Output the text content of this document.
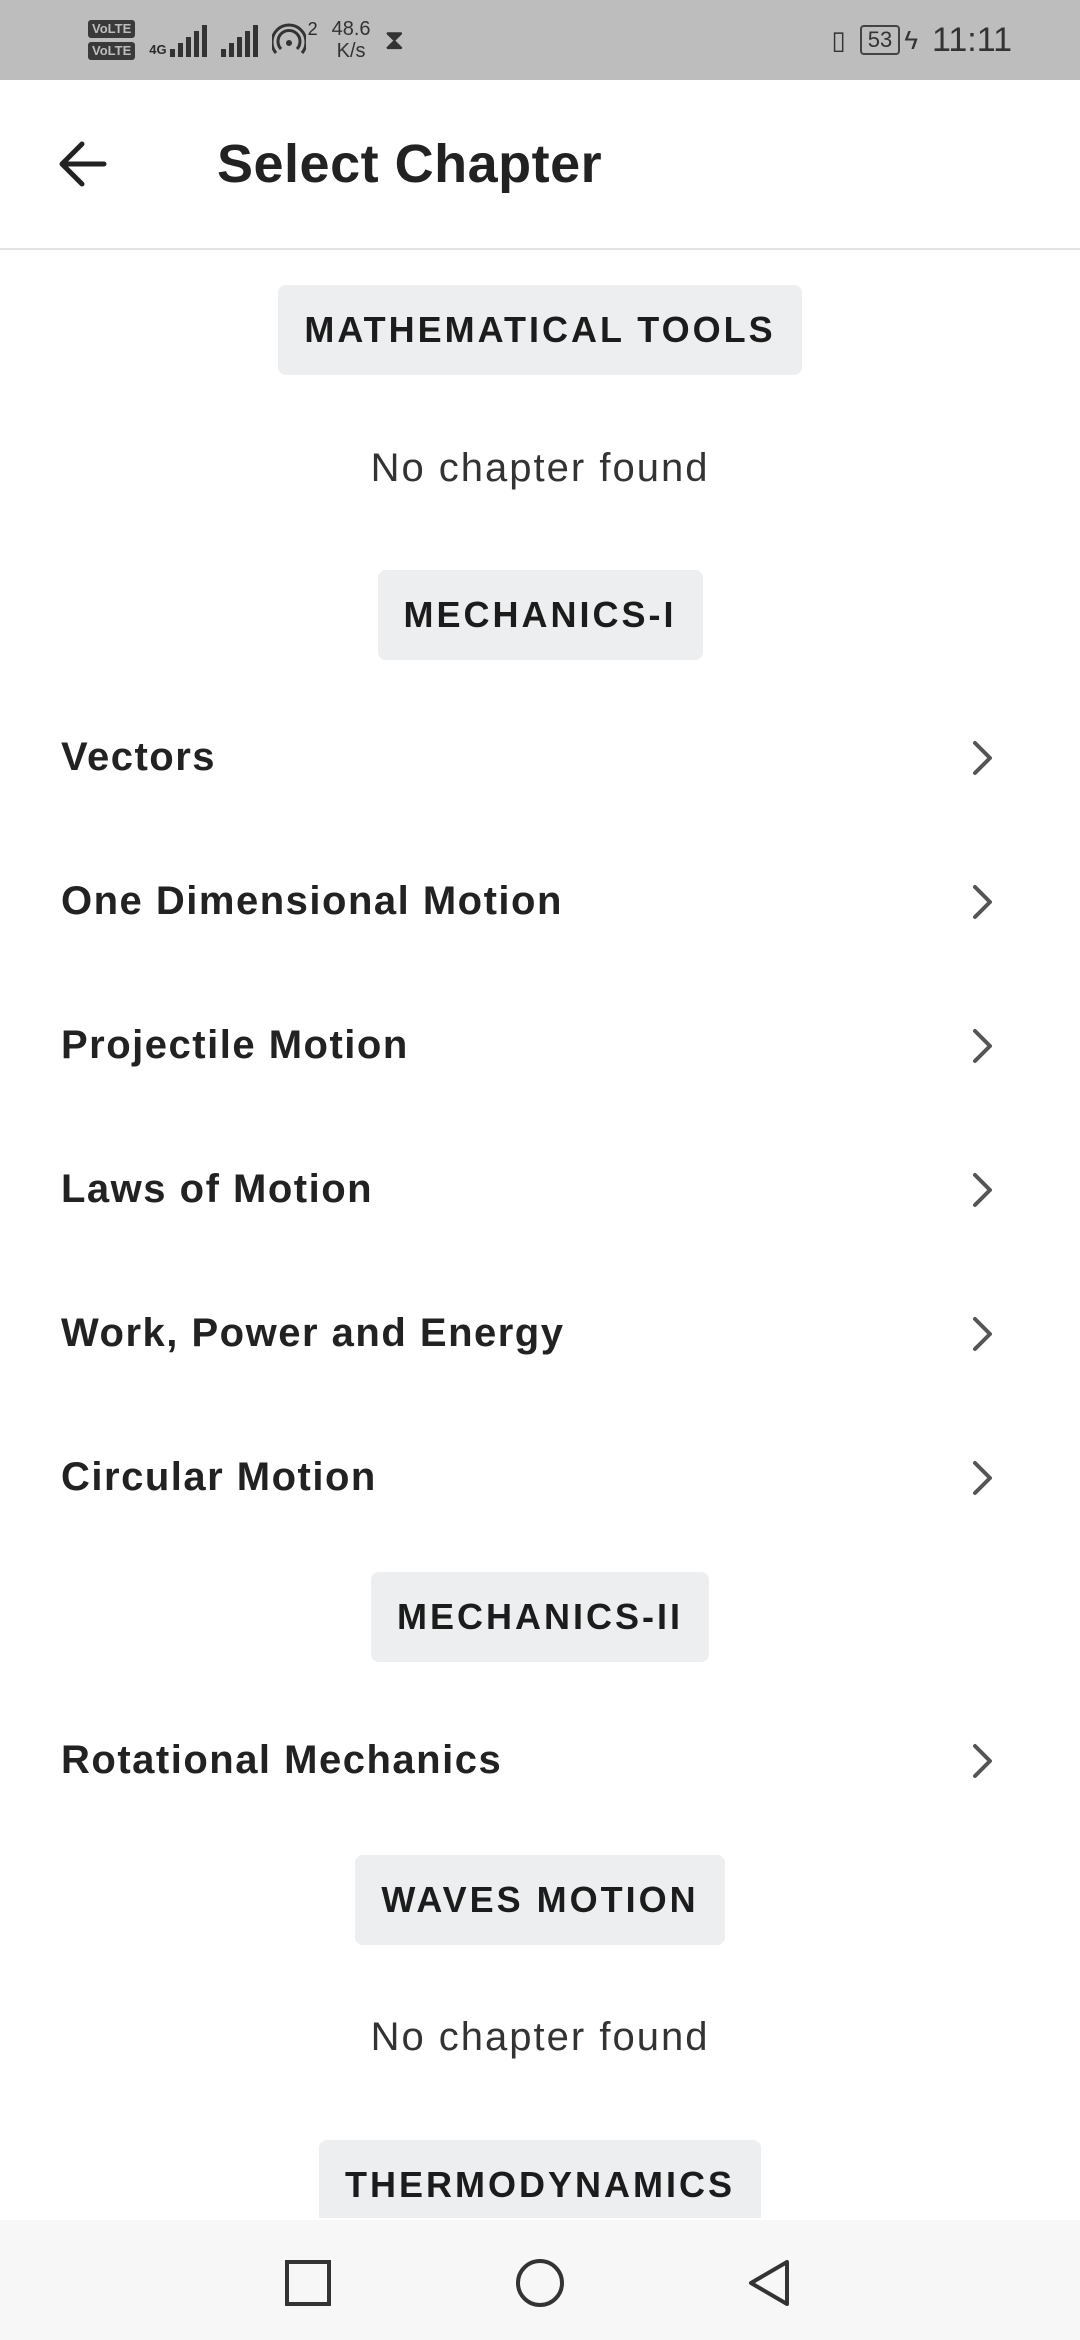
VoLTE
VoLTE	4G
2 48.6
K/s ⧗	▯	53 ϟ 11:11
Select Chapter
MATHEMATICAL TOOLS
No chapter found
MECHANICS-I
Vectors
One Dimensional Motion
Projectile Motion
Laws of Motion
Work, Power and Energy
Circular Motion
MECHANICS-II
Rotational Mechanics
WAVES MOTION
No chapter found
THERMODYNAMICS
